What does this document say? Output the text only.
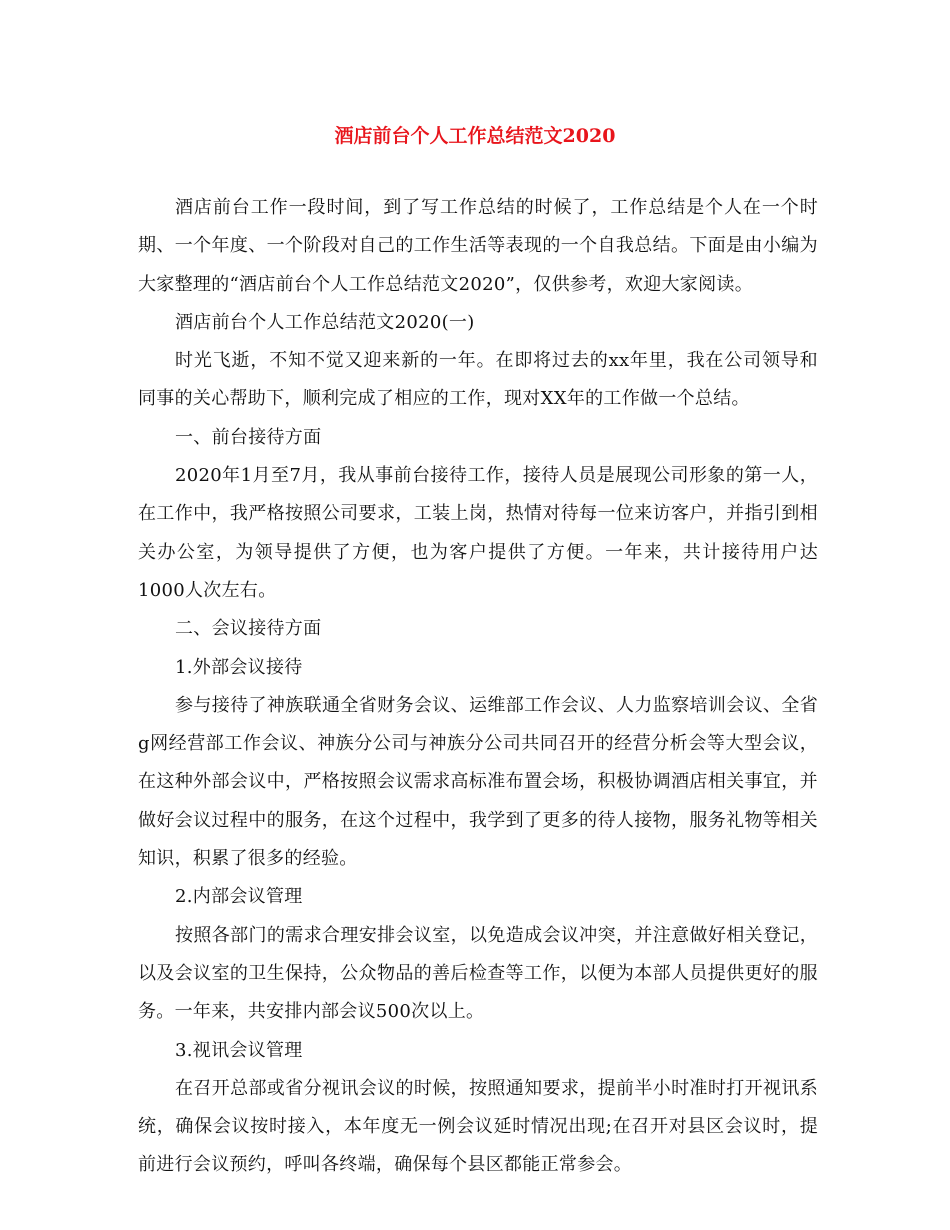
酒店前台个人工作总结范文2020

酒店前台工作一段时间，到了写工作总结的时候了，工作总结是个人在一个时期、一个年度、一个阶段对自己的工作生活等表现的一个自我总结。下面是由小编为大家整理的“酒店前台个人工作总结范文2020”，仅供参考，欢迎大家阅读。

酒店前台个人工作总结范文2020(一)

时光飞逝，不知不觉又迎来新的一年。在即将过去的xx年里，我在公司领导和同事的关心帮助下，顺利完成了相应的工作，现对XX年的工作做一个总结。

一、前台接待方面

2020年1月至7月，我从事前台接待工作，接待人员是展现公司形象的第一人，在工作中，我严格按照公司要求，工装上岗，热情对待每一位来访客户，并指引到相关办公室，为领导提供了方便，也为客户提供了方便。一年来，共计接待用户达1000人次左右。

二、会议接待方面

1.外部会议接待

参与接待了神族联通全省财务会议、运维部工作会议、人力监察培训会议、全省g网经营部工作会议、神族分公司与神族分公司共同召开的经营分析会等大型会议，在这种外部会议中，严格按照会议需求高标准布置会场，积极协调酒店相关事宜，并做好会议过程中的服务，在这个过程中，我学到了更多的待人接物，服务礼物等相关知识，积累了很多的经验。

2.内部会议管理

按照各部门的需求合理安排会议室，以免造成会议冲突，并注意做好相关登记，以及会议室的卫生保持，公众物品的善后检查等工作，以便为本部人员提供更好的服务。一年来，共安排内部会议500次以上。

3.视讯会议管理

在召开总部或省分视讯会议的时候，按照通知要求，提前半小时准时打开视讯系统，确保会议按时接入，本年度无一例会议延时情况出现;在召开对县区会议时，提前进行会议预约，呼叫各终端，确保每个县区都能正常参会。
